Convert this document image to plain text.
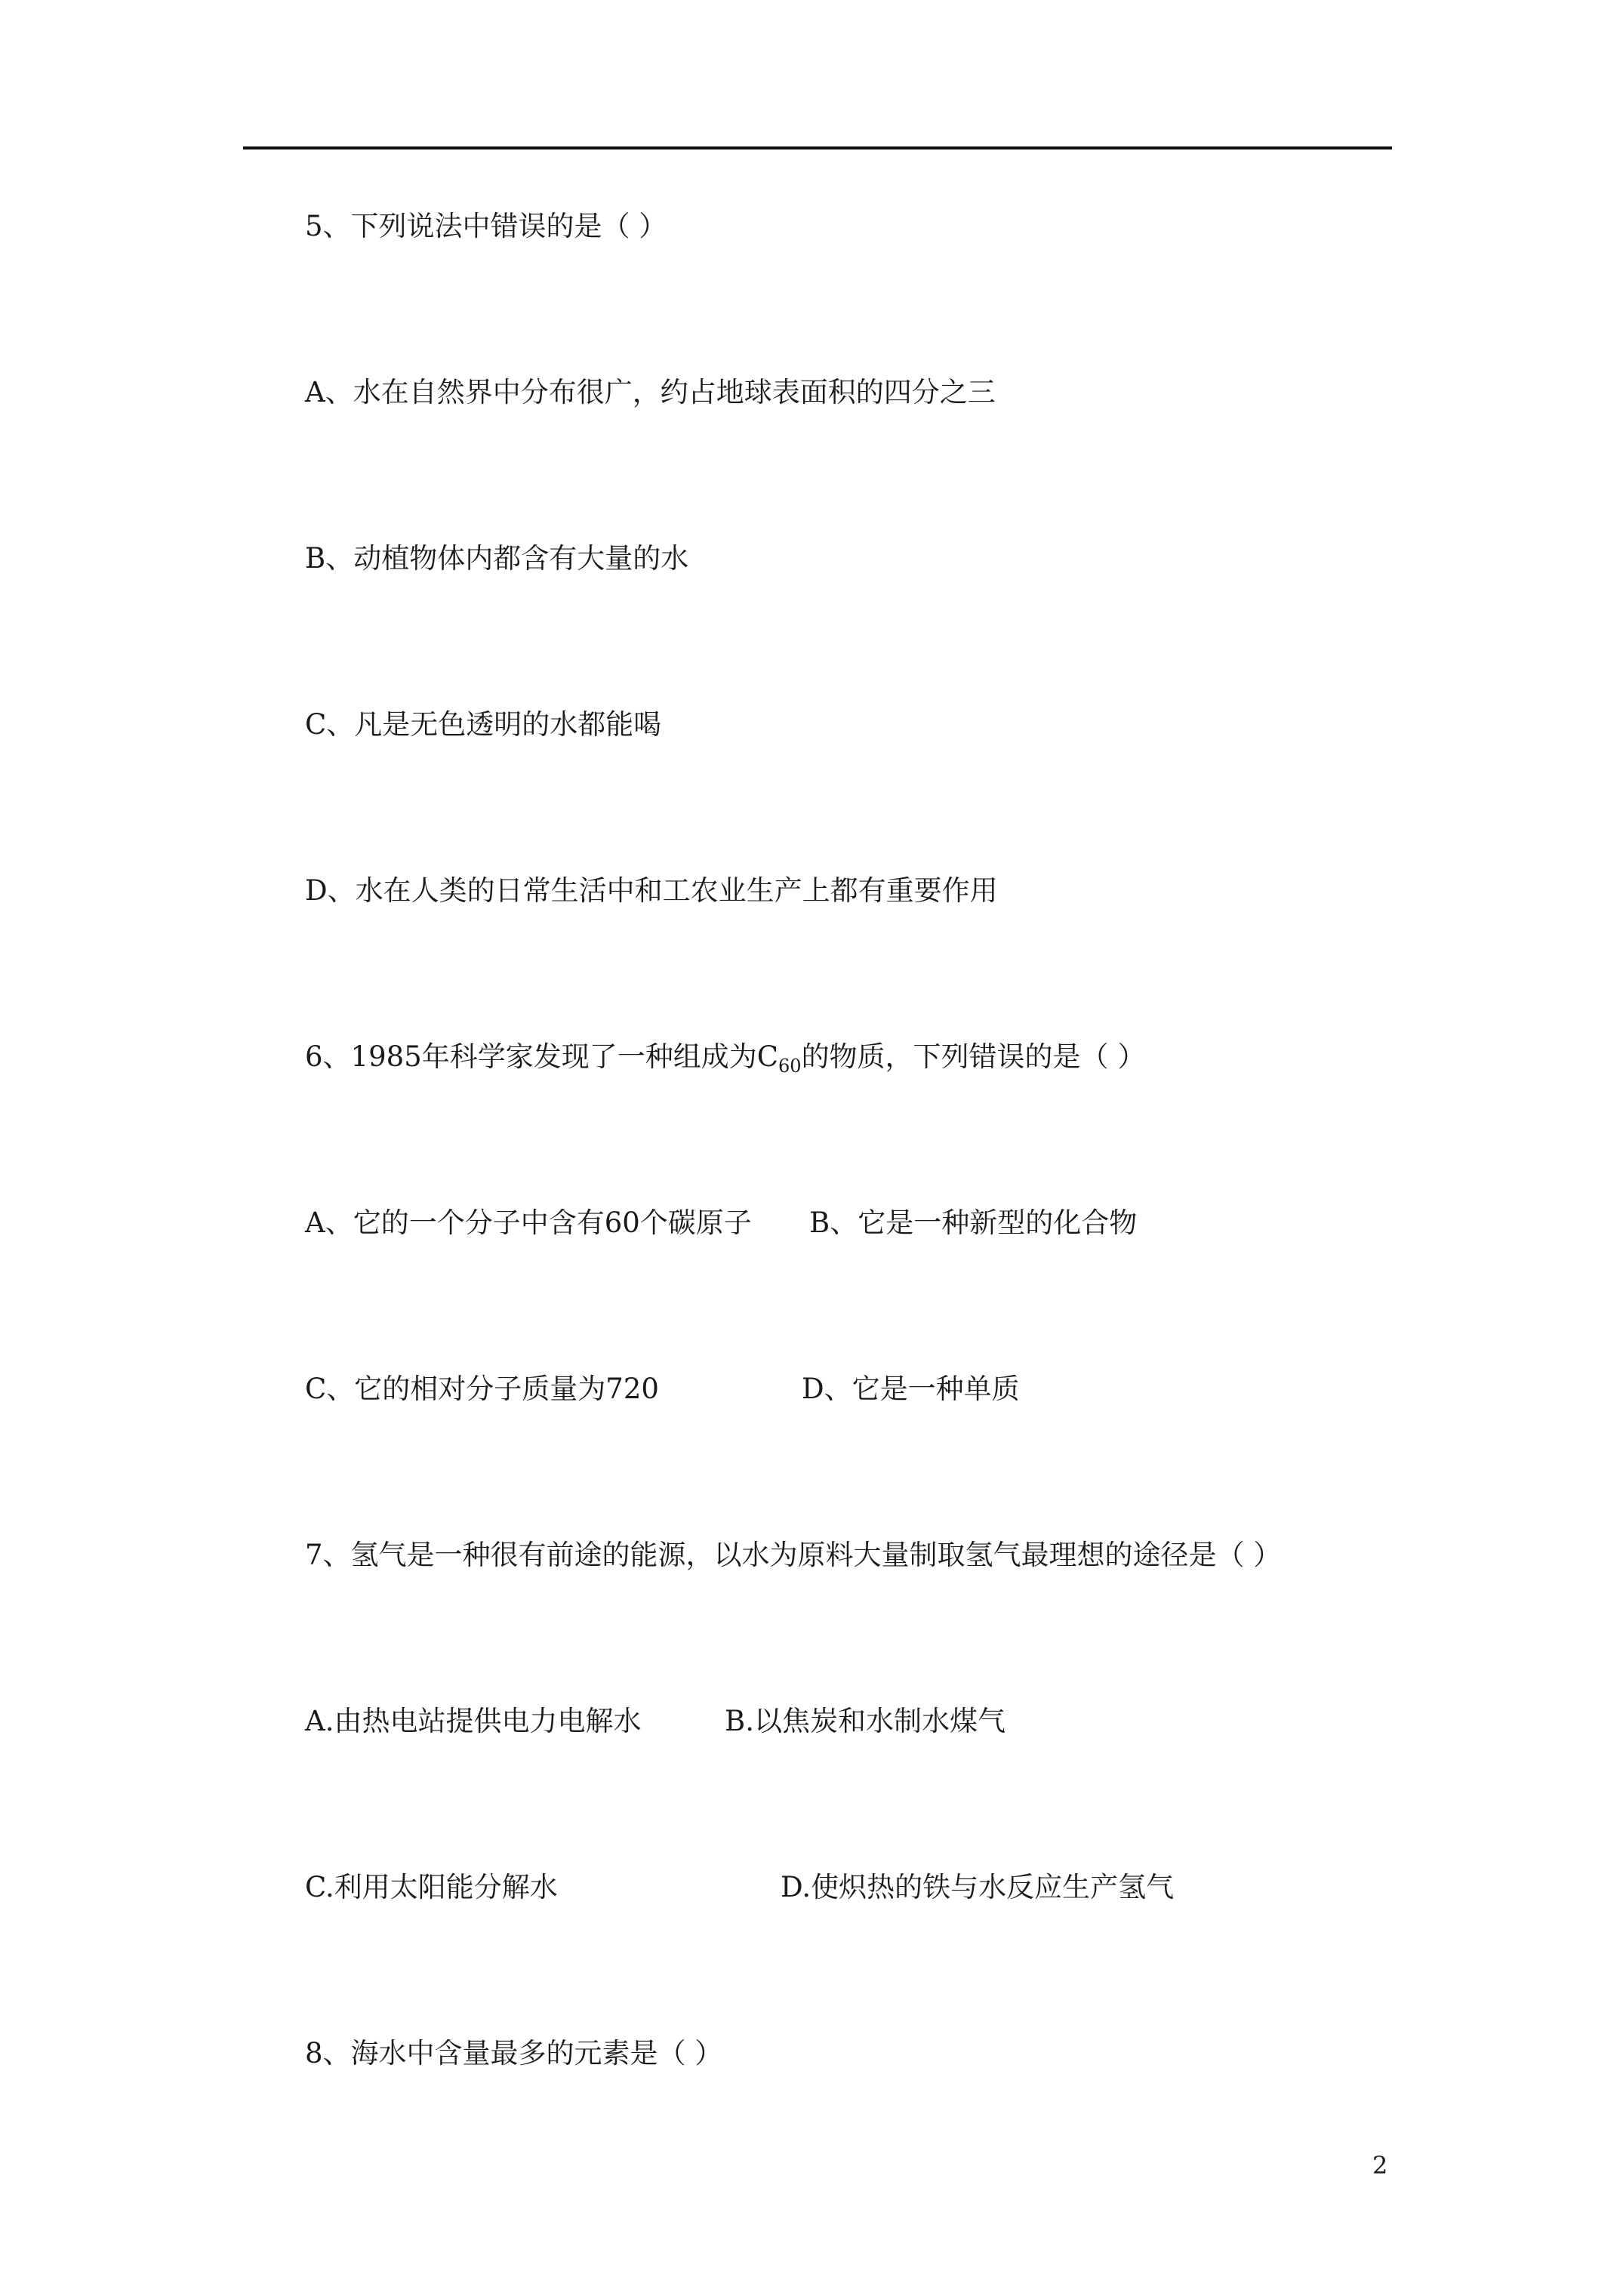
5、下列说法中错误的是（ ）
A、水在自然界中分布很广，约占地球表面积的四分之三
B、动植物体内都含有大量的水
C、凡是无色透明的水都能喝
D、水在人类的日常生活中和工农业生产上都有重要作用
6、1985年科学家发现了一种组成为$C_{60}$的物质，下列错误的是（ ）
A、它的一个分子中含有60个碳原子 B、它是一种新型的化合物
C、它的相对分子质量为720	D、它是一种单质
7、氢气是一种很有前途的能源，以水为原料大量制取氢气最理想的途径是（ ）
A.由热电站提供电力电解水	B.以焦炭和水制水煤气
C.利用太阳能分解水	D.使炽热的铁与水反应生产氢气
8、海水中含量最多的元素是（ ）
2
